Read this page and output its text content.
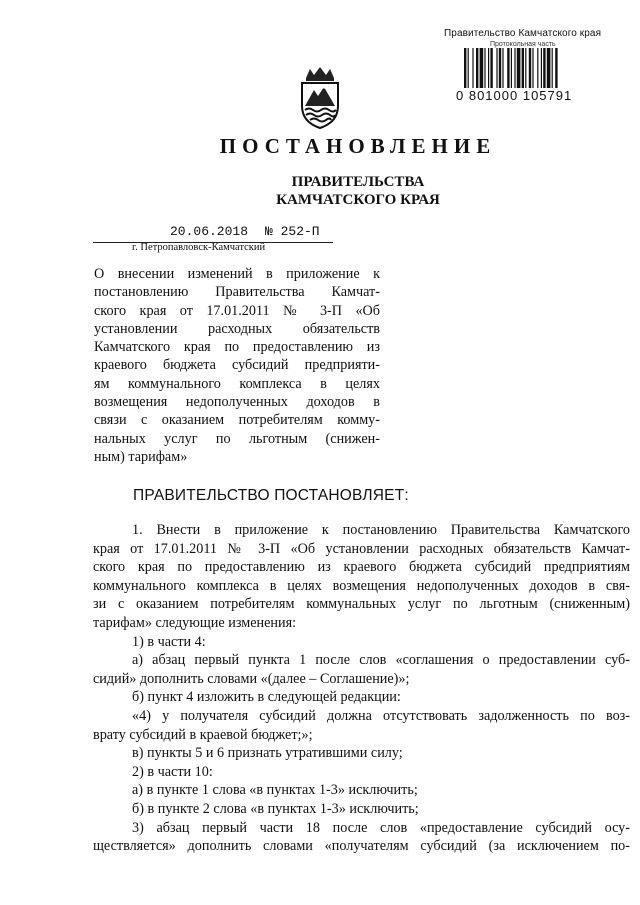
Правительство Камчатского края
Протокольная часть
0 801000 105791
ПОСТАНОВЛЕНИЕ
ПРАВИТЕЛЬСТВА
КАМЧАТСКОГО КРАЯ
20.06.2018 № 252-П
г. Петропавловск-Камчатский
О внесении изменений в приложение к
постановлению Правительства Камчат-
ского края от 17.01.2011 № 3-П «Об
установлении расходных обязательств
Камчатского края по предоставлению из
краевого бюджета субсидий предприяти-
ям коммунального комплекса в целях
возмещения недополученных доходов в
связи с оказанием потребителям комму-
нальных услуг по льготным (снижен-
ным) тарифам»
ПРАВИТЕЛЬСТВО ПОСТАНОВЛЯЕТ:
1. Внести в приложение к постановлению Правительства Камчатского
края от 17.01.2011 № 3-П «Об установлении расходных обязательств Камчат-
ского края по предоставлению из краевого бюджета субсидий предприятиям
коммунального комплекса в целях возмещения недополученных доходов в свя-
зи с оказанием потребителям коммунальных услуг по льготным (сниженным)
тарифам» следующие изменения:
1) в части 4:
а) абзац первый пункта 1 после слов «соглашения о предоставлении суб-
сидий» дополнить словами «(далее – Соглашение)»;
б) пункт 4 изложить в следующей редакции:
«4) у получателя субсидий должна отсутствовать задолженность по воз-
врату субсидий в краевой бюджет;»;
в) пункты 5 и 6 признать утратившими силу;
2) в части 10:
а) в пункте 1 слова «в пунктах 1-3» исключить;
б) в пункте 2 слова «в пунктах 1-3» исключить;
3) абзац первый части 18 после слов «предоставление субсидий осу-
ществляется» дополнить словами «получателям субсидий (за исключением по-
